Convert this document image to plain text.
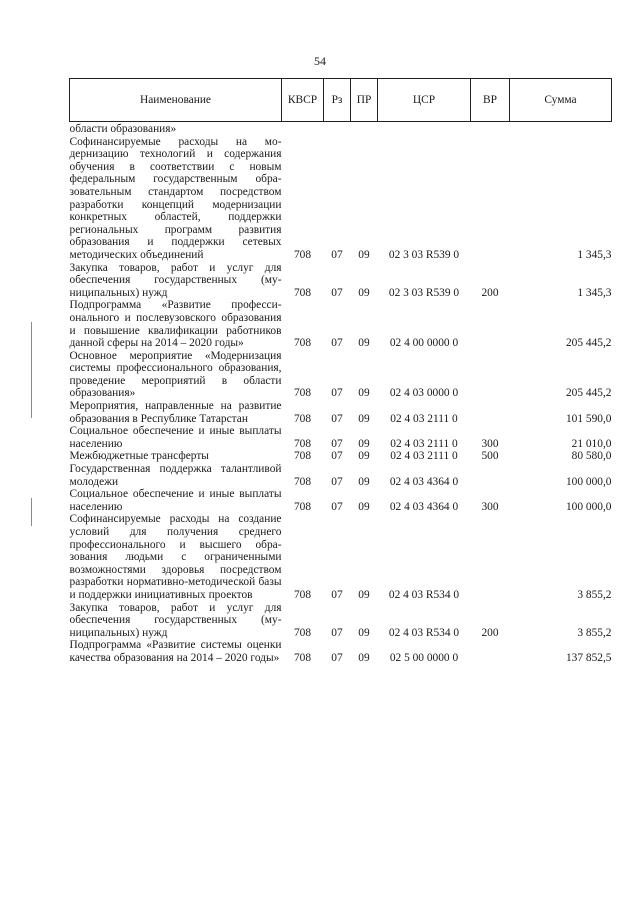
54
Наименование	КВСР	Рз	ПР	ЦСР	ВР	Сумма
области образования»						
Софинансируемые расходы на модернизацию технологий и содержания обучения в соответствии с новым федеральным государственным образовательным стандартом посредством разработки концепций модернизации конкретных областей, поддержки региональных программ развития образования и поддержки сетевых методических объединений	708	07	09	02 3 03 R539 0		1 345,3
Закупка товаров, работ и услуг для обеспечения государственных (муниципальных) нужд	708	07	09	02 3 03 R539 0	200	1 345,3
Подпрограмма «Развитие профессионального и послевузовского образования и повышение квалификации работников данной сферы на 2014 – 2020 годы»	708	07	09	02 4 00 0000 0		205 445,2
Основное мероприятие «Модернизация системы профессионального образования, проведение мероприятий в области образования»	708	07	09	02 4 03 0000 0		205 445,2
Мероприятия, направленные на развитие образования в Республике Татарстан	708	07	09	02 4 03 2111 0		101 590,0
Социальное обеспечение и иные выплаты населению	708	07	09	02 4 03 2111 0	300	21 010,0
Межбюджетные трансферты	708	07	09	02 4 03 2111 0	500	80 580,0
Государственная поддержка талантливой молодежи	708	07	09	02 4 03 4364 0		100 000,0
Социальное обеспечение и иные выплаты населению	708	07	09	02 4 03 4364 0	300	100 000,0
Софинансируемые расходы на создание условий для получения среднего профессионального и высшего образования людьми с ограниченными возможностями здоровья посредством разработки нормативно-методической базы и поддержки инициативных проектов	708	07	09	02 4 03 R534 0		3 855,2
Закупка товаров, работ и услуг для обеспечения государственных (муниципальных) нужд	708	07	09	02 4 03 R534 0	200	3 855,2
Подпрограмма «Развитие системы оценки качества образования на 2014 – 2020 годы»	708	07	09	02 5 00 0000 0		137 852,5
